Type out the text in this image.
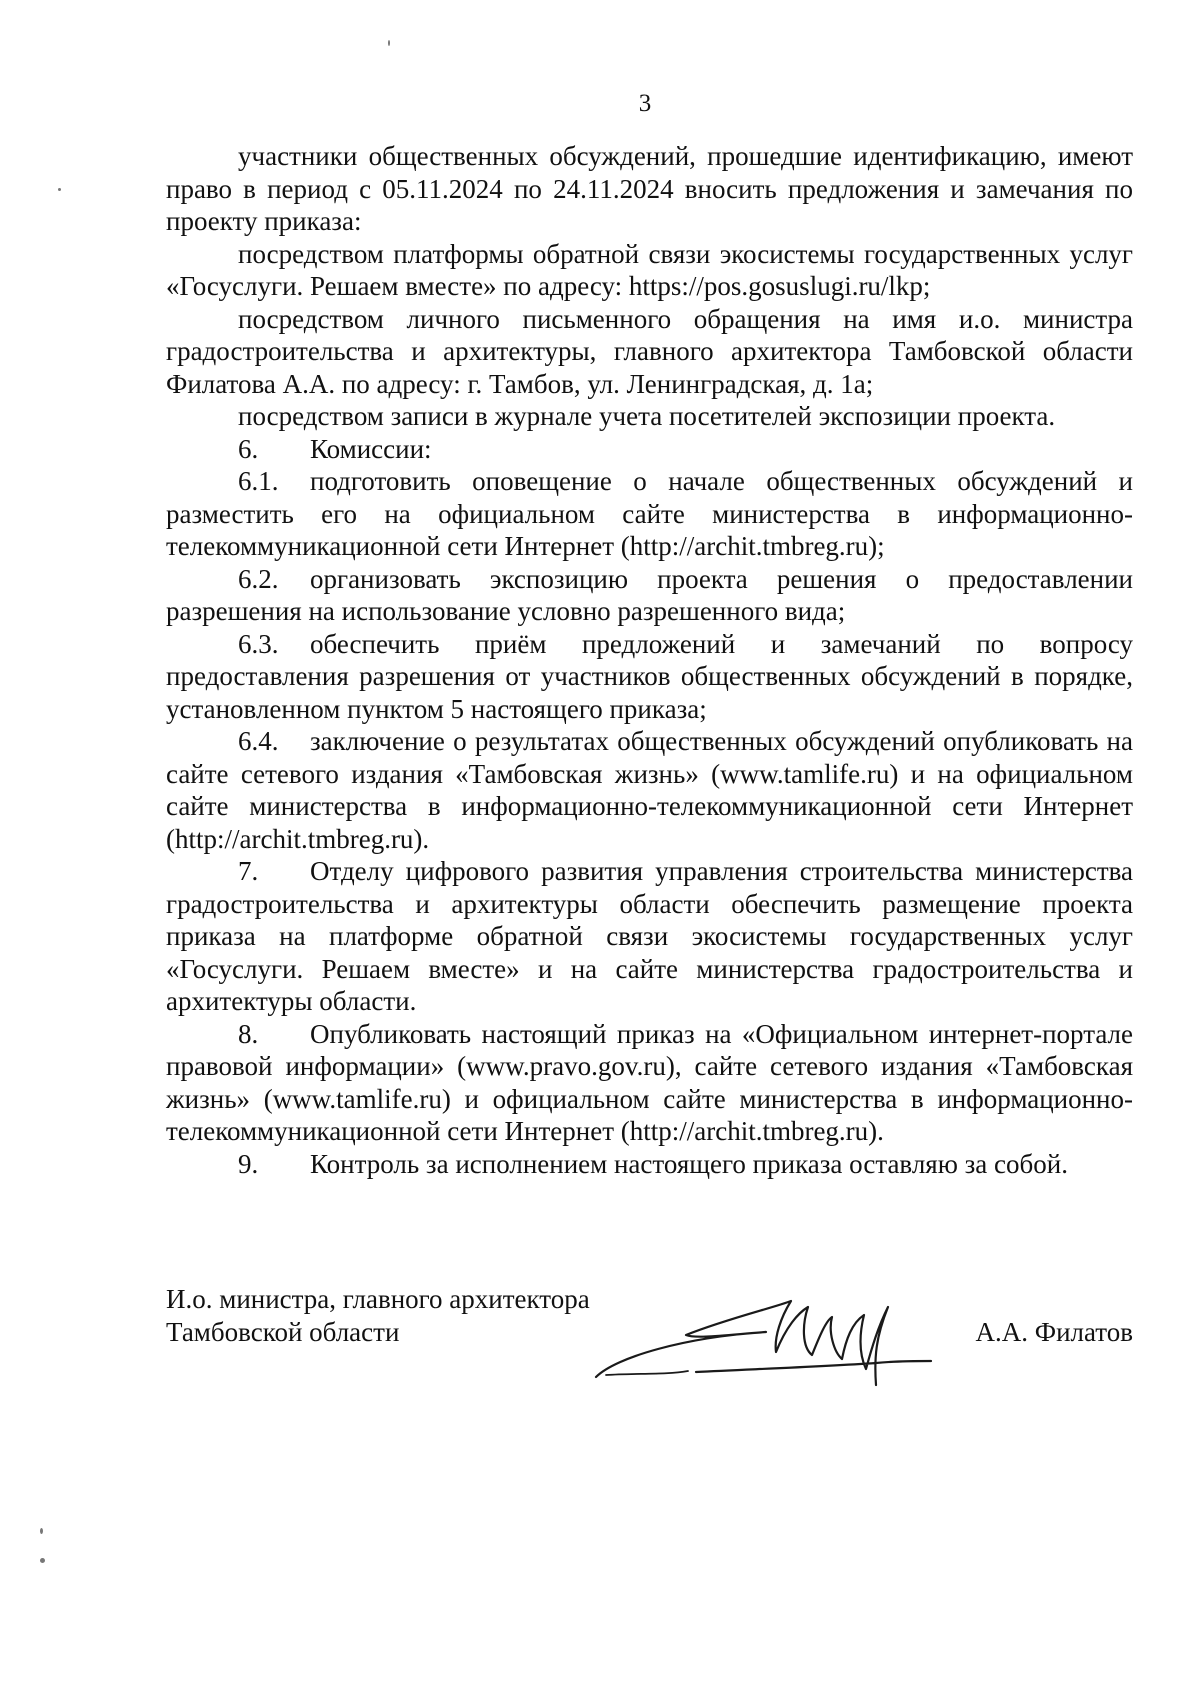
3

участники общественных обсуждений, прошедшие идентификацию, имеют право в период с 05.11.2024 по 24.11.2024 вносить предложения и замечания по проекту приказа:

посредством платформы обратной связи экосистемы государственных услуг «Госуслуги. Решаем вместе» по адресу: https://pos.gosuslugi.ru/lkp;

посредством личного письменного обращения на имя и.о. министра градостроительства и архитектуры, главного архитектора Тамбовской области Филатова А.А. по адресу: г. Тамбов, ул. Ленинградская, д. 1а;

посредством записи в журнале учета посетителей экспозиции проекта.

6. Комиссии:

6.1. подготовить оповещение о начале общественных обсуждений и разместить его на официальном сайте министерства в информационно-телекоммуникационной сети Интернет (http://archit.tmbreg.ru);

6.2. организовать экспозицию проекта решения о предоставлении разрешения на использование условно разрешенного вида;

6.3. обеспечить приём предложений и замечаний по вопросу предоставления разрешения от участников общественных обсуждений в порядке, установленном пунктом 5 настоящего приказа;

6.4. заключение о результатах общественных обсуждений опубликовать на сайте сетевого издания «Тамбовская жизнь» (www.tamlife.ru) и на официальном сайте министерства в информационно-телекоммуникационной сети Интернет (http://archit.tmbreg.ru).

7. Отделу цифрового развития управления строительства министерства градостроительства и архитектуры области обеспечить размещение проекта приказа на платформе обратной связи экосистемы государственных услуг «Госуслуги. Решаем вместе» и на сайте министерства градостроительства и архитектуры области.

8. Опубликовать настоящий приказ на «Официальном интернет-портале правовой информации» (www.pravo.gov.ru), сайте сетевого издания «Тамбовская жизнь» (www.tamlife.ru) и официальном сайте министерства в информационно-телекоммуникационной сети Интернет (http://archit.tmbreg.ru).

9. Контроль за исполнением настоящего приказа оставляю за собой.

И.о. министра, главного архитектора
Тамбовской области	А.А. Филатов
